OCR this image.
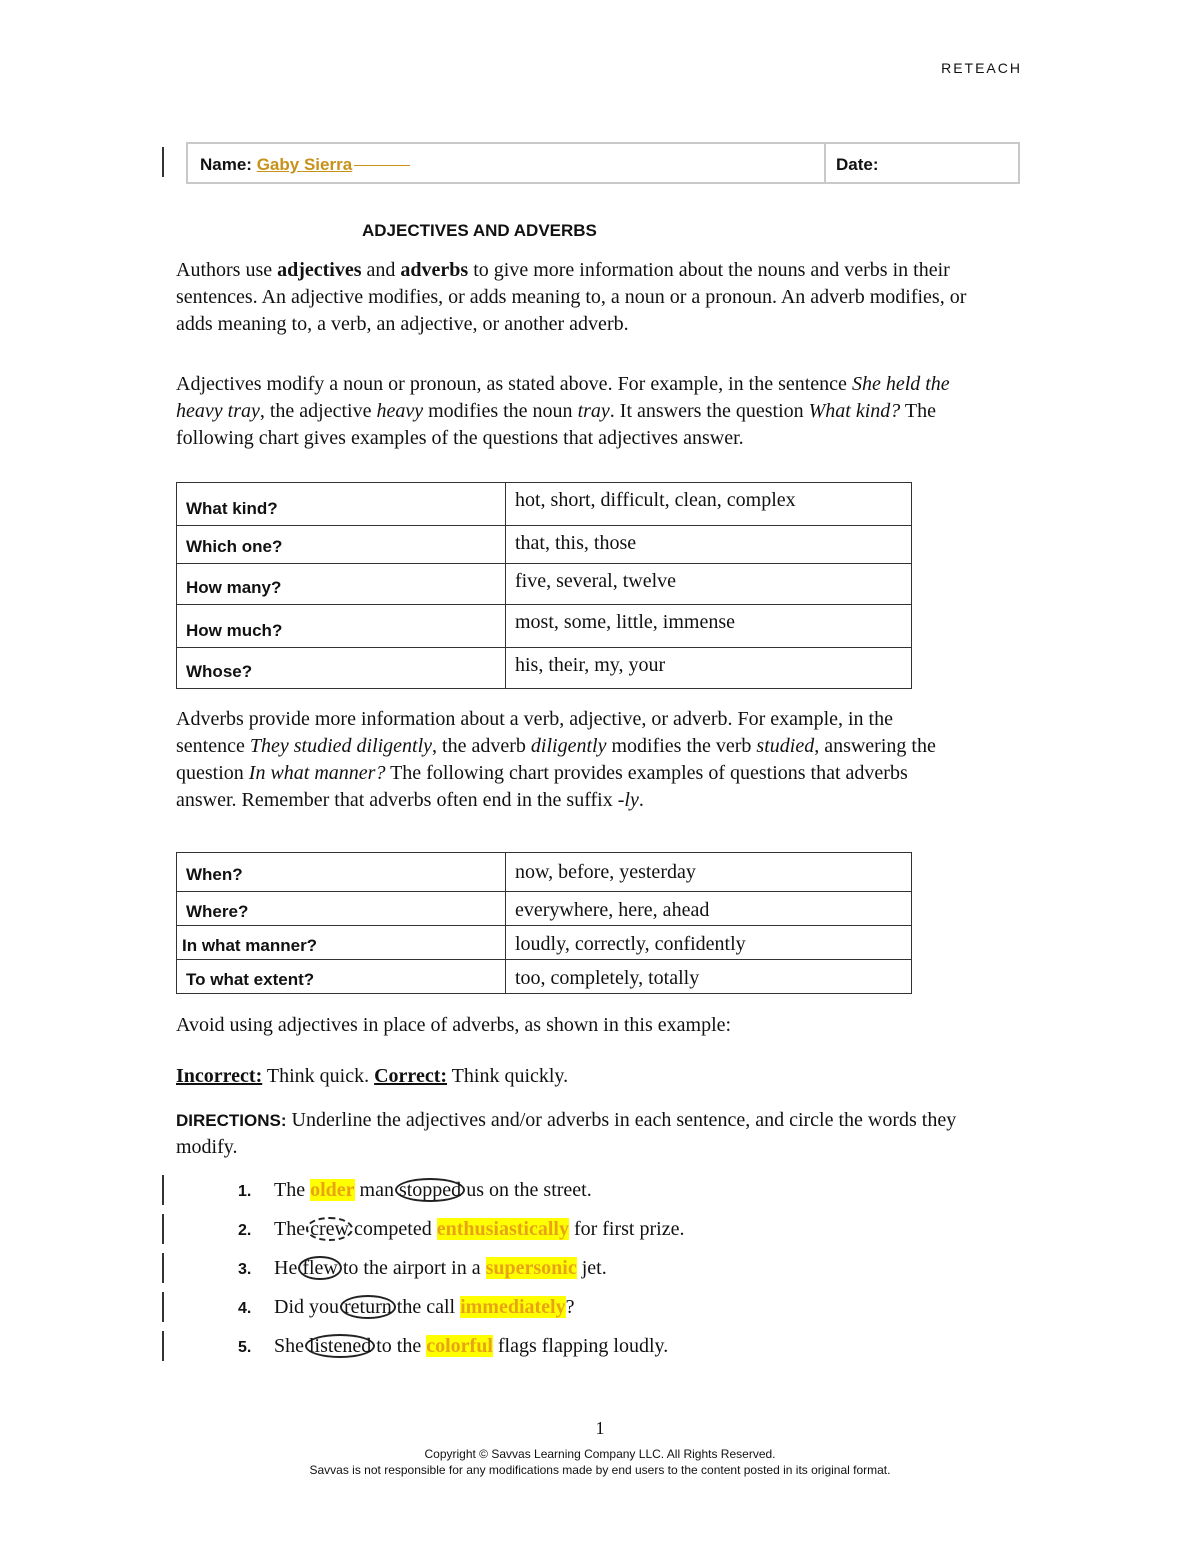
RETEACH
Name: Gaby Sierra	Date:
ADJECTIVES AND ADVERBS
Authors use adjectives and adverbs to give more information about the nouns and verbs in their sentences. An adjective modifies, or adds meaning to, a noun or a pronoun. An adverb modifies, or adds meaning to, a verb, an adjective, or another adverb.
Adjectives modify a noun or pronoun, as stated above. For example, in the sentence She held the heavy tray, the adjective heavy modifies the noun tray. It answers the question What kind? The following chart gives examples of the questions that adjectives answer.
What kind?	hot, short, difficult, clean, complex
Which one?	that, this, those
How many?	five, several, twelve
How much?	most, some, little, immense
Whose?	his, their, my, your
Adverbs provide more information about a verb, adjective, or adverb. For example, in the sentence They studied diligently, the adverb diligently modifies the verb studied, answering the question In what manner? The following chart provides examples of questions that adverbs answer. Remember that adverbs often end in the suffix -ly.
When?	now, before, yesterday
Where?	everywhere, here, ahead
In what manner?	loudly, correctly, confidently
To what extent?	too, completely, totally
Avoid using adjectives in place of adverbs, as shown in this example:
Incorrect: Think quick. Correct: Think quickly.
DIRECTIONS: Underline the adjectives and/or adverbs in each sentence, and circle the words they modify.
1. The older man stopped us on the street.
2. The crew competed enthusiastically for first prize.
3. He flew to the airport in a supersonic jet.
4. Did you return the call immediately?
5. She listened to the colorful flags flapping loudly.
1
Copyright © Savvas Learning Company LLC. All Rights Reserved.
Savvas is not responsible for any modifications made by end users to the content posted in its original format.
